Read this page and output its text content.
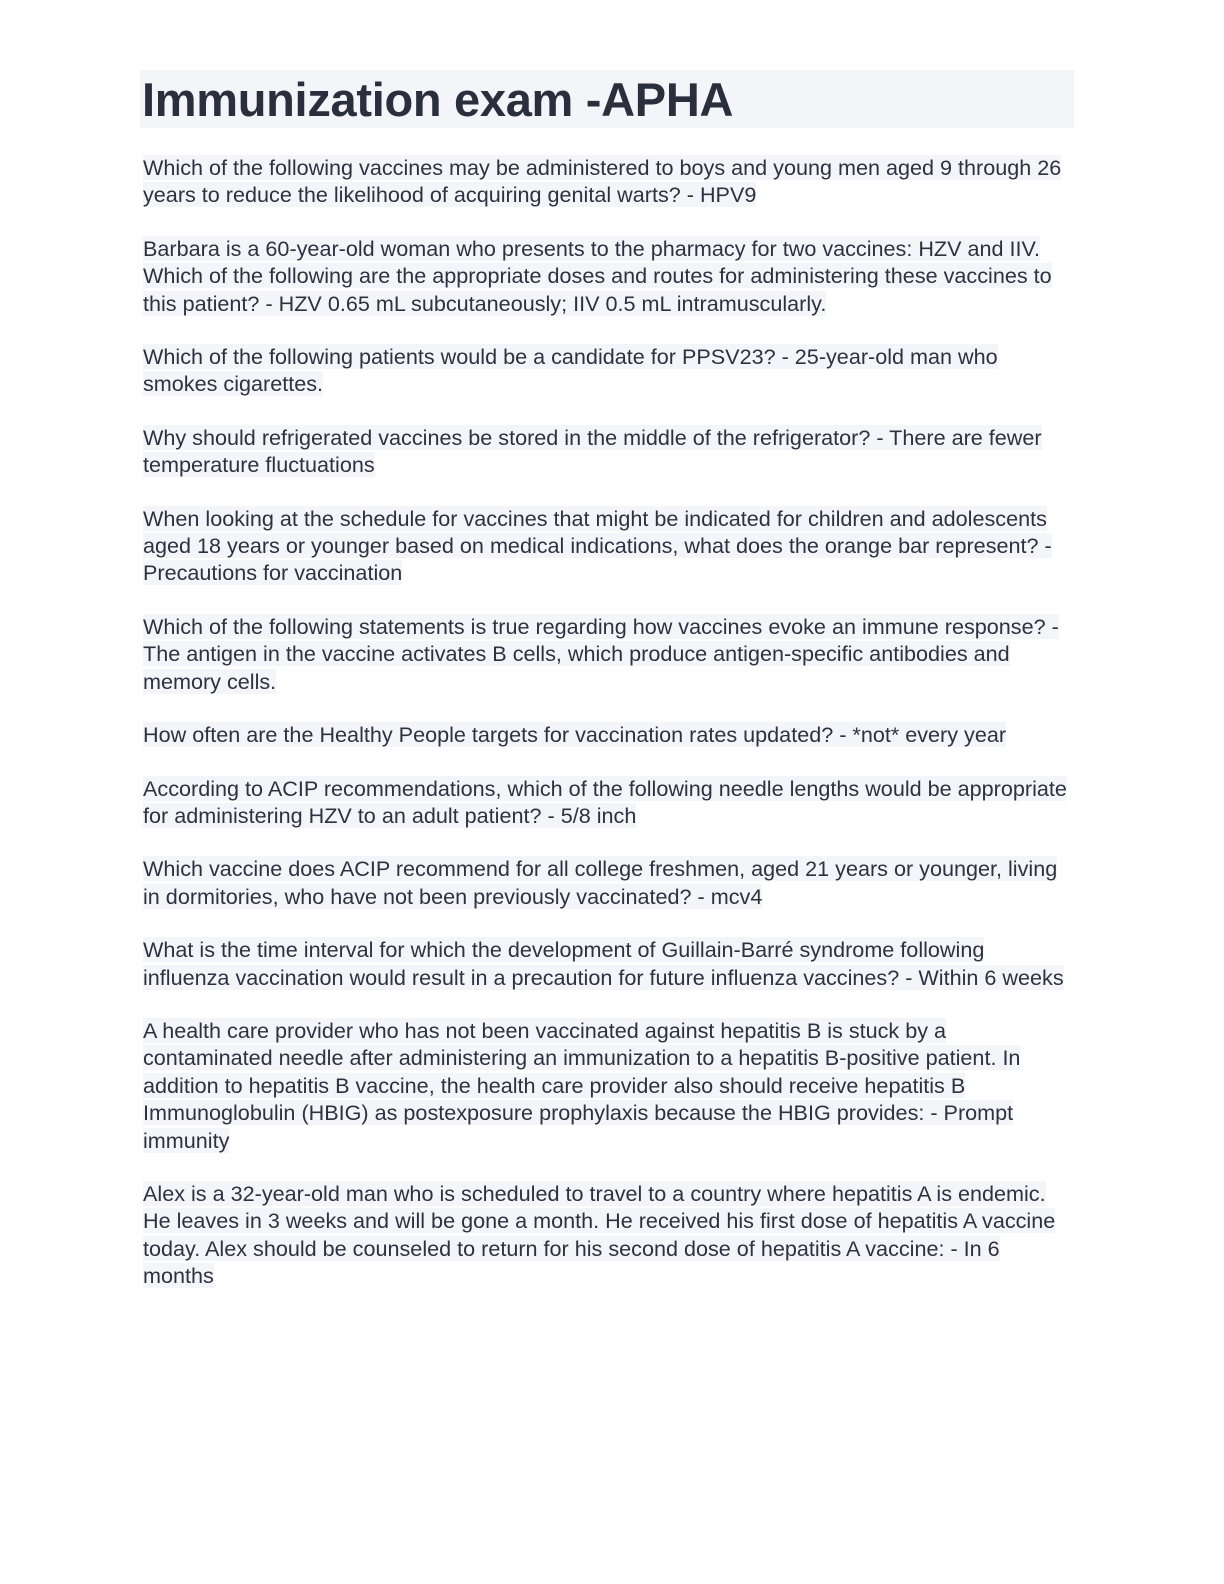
Immunization exam -APHA

Which of the following vaccines may be administered to boys and young men aged 9 through 26 years to reduce the likelihood of acquiring genital warts? - HPV9

Barbara is a 60-year-old woman who presents to the pharmacy for two vaccines: HZV and IIV. Which of the following are the appropriate doses and routes for administering these vaccines to this patient? - HZV 0.65 mL subcutaneously; IIV 0.5 mL intramuscularly.

Which of the following patients would be a candidate for PPSV23? - 25-year-old man who smokes cigarettes.

Why should refrigerated vaccines be stored in the middle of the refrigerator? - There are fewer temperature fluctuations

When looking at the schedule for vaccines that might be indicated for children and adolescents aged 18 years or younger based on medical indications, what does the orange bar represent? - Precautions for vaccination

Which of the following statements is true regarding how vaccines evoke an immune response? - The antigen in the vaccine activates B cells, which produce antigen-specific antibodies and memory cells.

How often are the Healthy People targets for vaccination rates updated? - *not* every year

According to ACIP recommendations, which of the following needle lengths would be appropriate for administering HZV to an adult patient? - 5/8 inch

Which vaccine does ACIP recommend for all college freshmen, aged 21 years or younger, living in dormitories, who have not been previously vaccinated? - mcv4

What is the time interval for which the development of Guillain-Barré syndrome following influenza vaccination would result in a precaution for future influenza vaccines? - Within 6 weeks

A health care provider who has not been vaccinated against hepatitis B is stuck by a contaminated needle after administering an immunization to a hepatitis B-positive patient. In addition to hepatitis B vaccine, the health care provider also should receive hepatitis B Immunoglobulin (HBIG) as postexposure prophylaxis because the HBIG provides: - Prompt immunity

Alex is a 32-year-old man who is scheduled to travel to a country where hepatitis A is endemic. He leaves in 3 weeks and will be gone a month. He received his first dose of hepatitis A vaccine today. Alex should be counseled to return for his second dose of hepatitis A vaccine: - In 6 months
